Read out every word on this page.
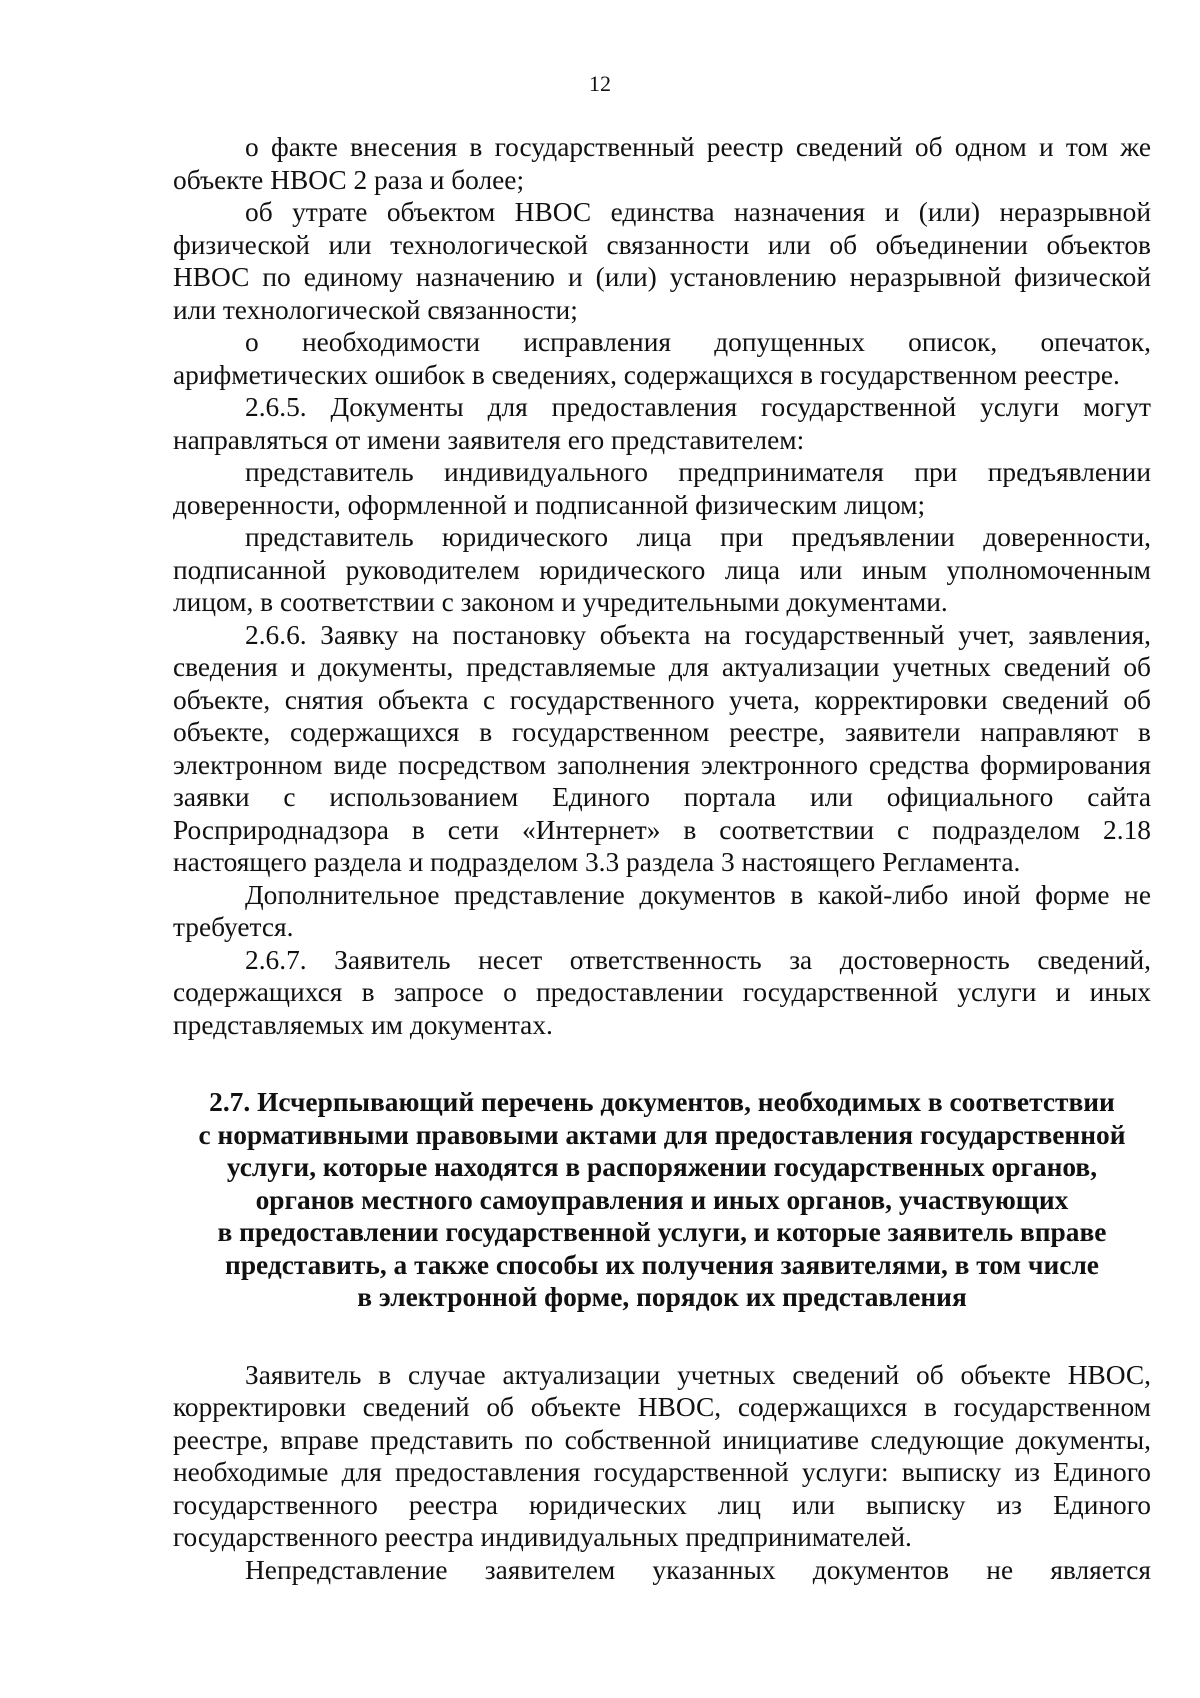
12

о факте внесения в государственный реестр сведений об одном и том же объекте НВОС 2 раза и более;

об утрате объектом НВОС единства назначения и (или) неразрывной физической или технологической связанности или об объединении объектов НВОС по единому назначению и (или) установлению неразрывной физической или технологической связанности;

о необходимости исправления допущенных описок, опечаток, арифметических ошибок в сведениях, содержащихся в государственном реестре.

2.6.5. Документы для предоставления государственной услуги могут направляться от имени заявителя его представителем:

представитель индивидуального предпринимателя при предъявлении доверенности, оформленной и подписанной физическим лицом;

представитель юридического лица при предъявлении доверенности, подписанной руководителем юридического лица или иным уполномоченным лицом, в соответствии с законом и учредительными документами.

2.6.6. Заявку на постановку объекта на государственный учет, заявления, сведения и документы, представляемые для актуализации учетных сведений об объекте, снятия объекта с государственного учета, корректировки сведений об объекте, содержащихся в государственном реестре, заявители направляют в электронном виде посредством заполнения электронного средства формирования заявки с использованием Единого портала или официального сайта Росприроднадзора в сети «Интернет» в соответствии с подразделом 2.18 настоящего раздела и подразделом 3.3 раздела 3 настоящего Регламента.

Дополнительное представление документов в какой-либо иной форме не требуется.

2.6.7. Заявитель несет ответственность за достоверность сведений, содержащихся в запросе о предоставлении государственной услуги и иных представляемых им документах.

2.7. Исчерпывающий перечень документов, необходимых в соответствии
с нормативными правовыми актами для предоставления государственной
услуги, которые находятся в распоряжении государственных органов,
органов местного самоуправления и иных органов, участвующих
в предоставлении государственной услуги, и которые заявитель вправе
представить, а также способы их получения заявителями, в том числе
в электронной форме, порядок их представления

Заявитель в случае актуализации учетных сведений об объекте НВОС, корректировки сведений об объекте НВОС, содержащихся в государственном реестре, вправе представить по собственной инициативе следующие документы, необходимые для предоставления государственной услуги: выписку из Единого государственного реестра юридических лиц или выписку из Единого государственного реестра индивидуальных предпринимателей.

Непредставление заявителем указанных документов не является
